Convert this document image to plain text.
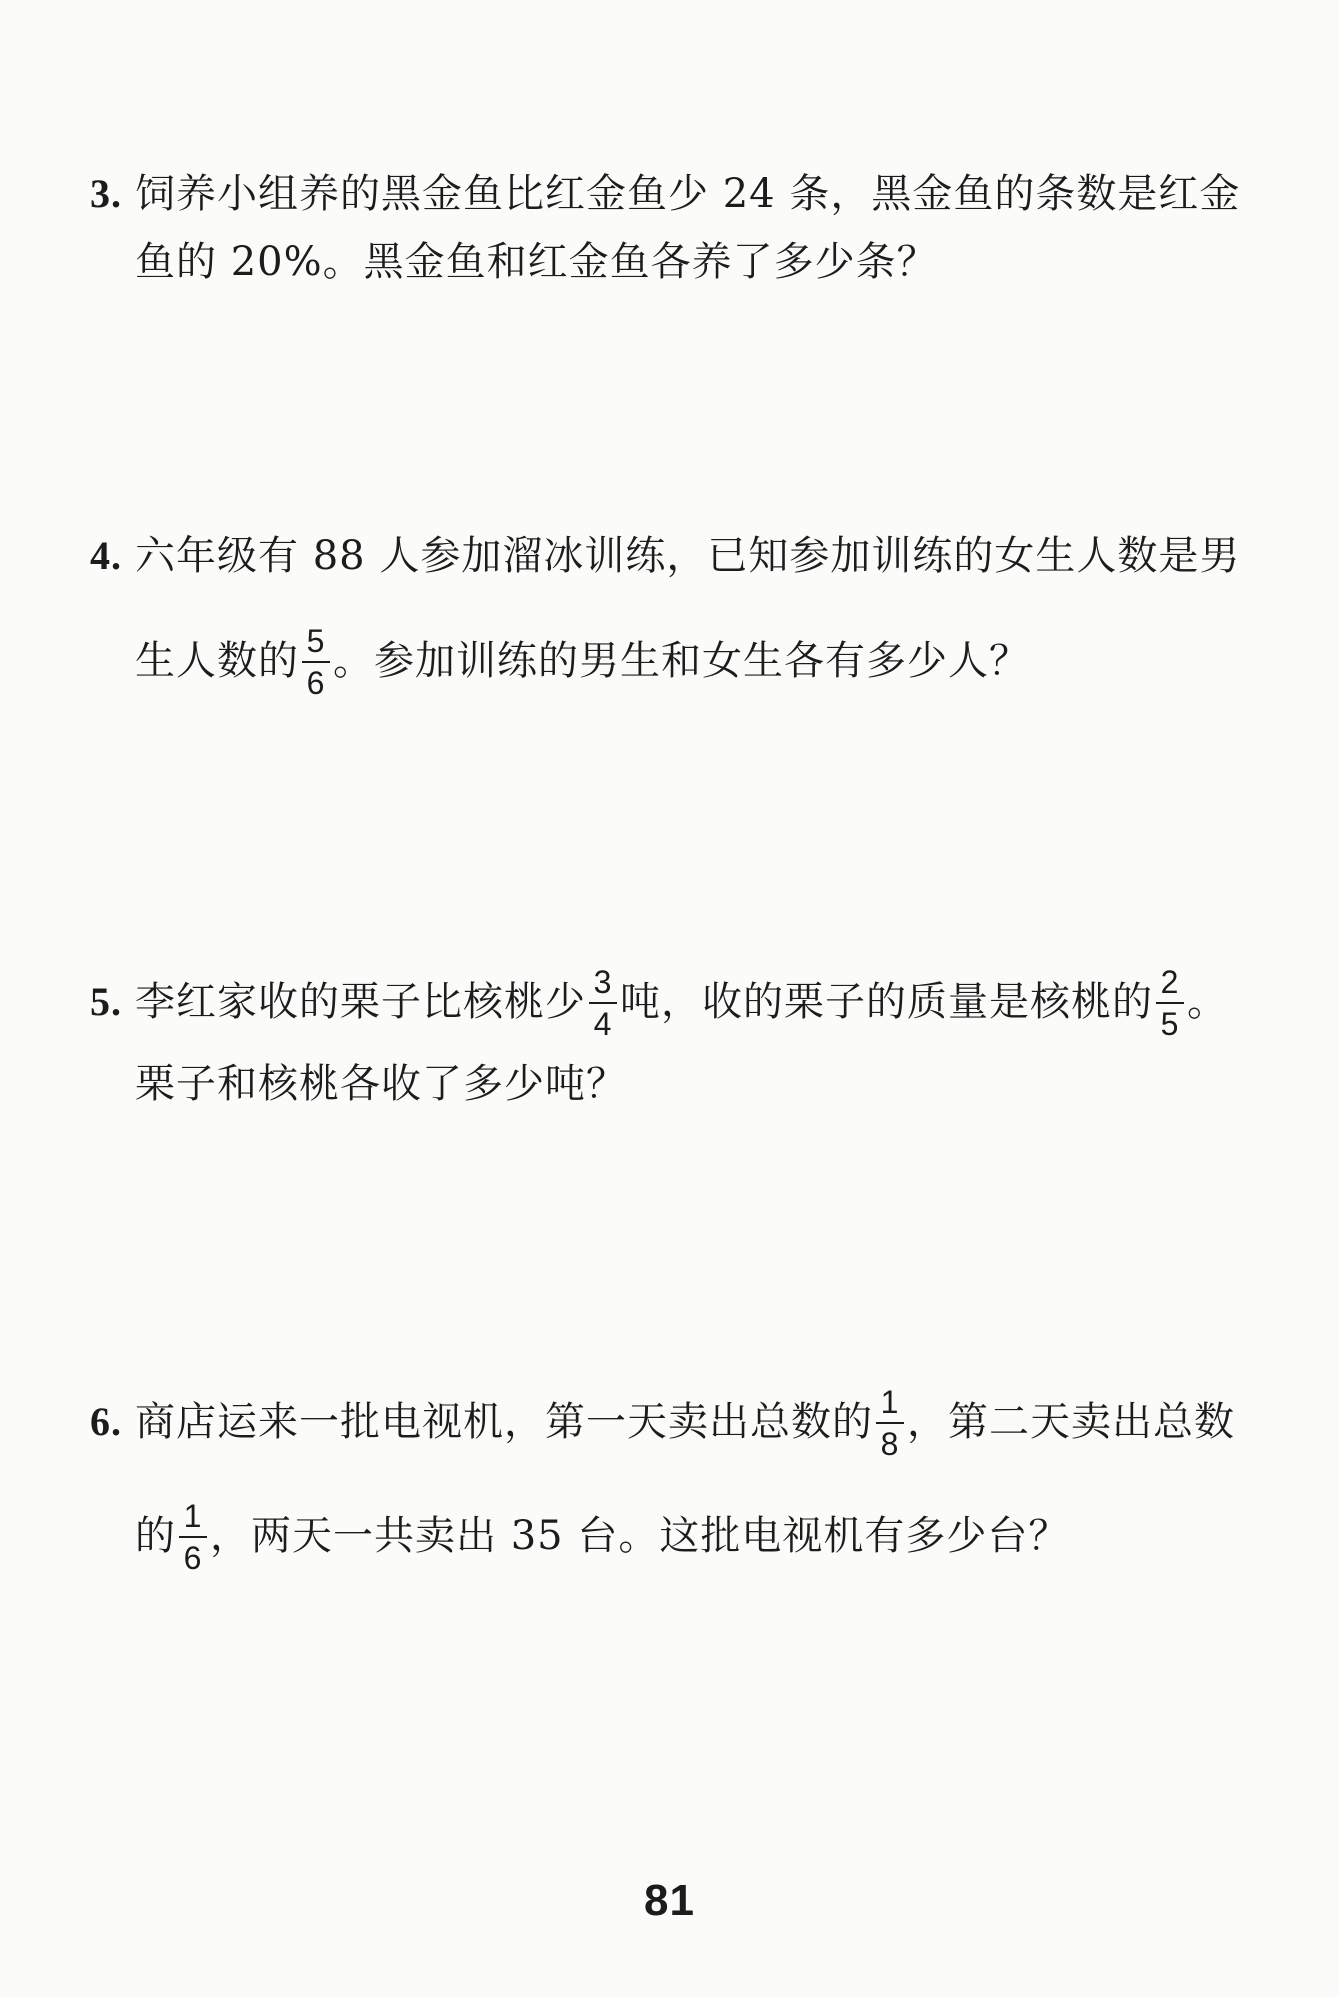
3. 饲养小组养的黑金鱼比红金鱼少 24 条，黑金鱼的条数是红金
鱼的 20%。黑金鱼和红金鱼各养了多少条？
4. 六年级有 88 人参加溜冰训练，已知参加训练的女生人数是男
生人数的 $\frac{5}{6}$ 。参加训练的男生和女生各有多少人？
5. 李红家收的栗子比核桃少 $\frac{3}{4}$ 吨，收的栗子的质量是核桃的 $\frac{2}{5}$ 。
栗子和核桃各收了多少吨？
6. 商店运来一批电视机，第一天卖出总数的 $\frac{1}{8}$ ，第二天卖出总数
的 $\frac{1}{6}$ ，两天一共卖出 35 台。这批电视机有多少台？
81
